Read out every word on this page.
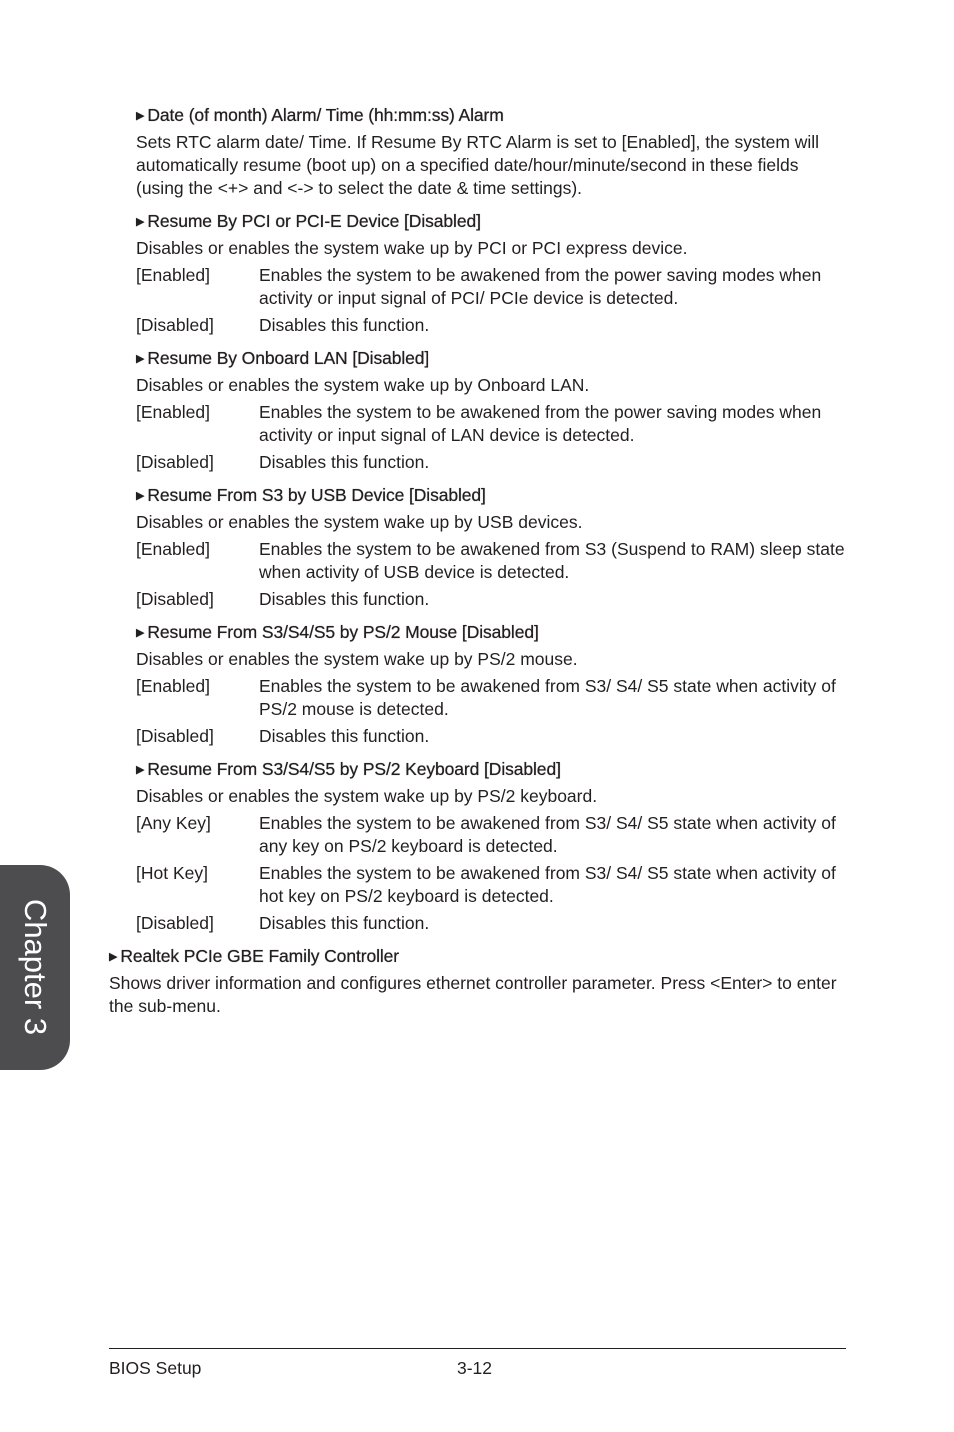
▶ Date (of month) Alarm/ Time (hh:mm:ss) Alarm
Sets RTC alarm date/ Time. If Resume By RTC Alarm is set to [Enabled], the system will automatically resume (boot up) on a specified date/hour/minute/second in these fields (using the <+> and <-> to select the date & time settings).
▶ Resume By PCI or PCI-E Device [Disabled]
Disables or enables the system wake up by PCI or PCI express device.
[Enabled]	Enables the system to be awakened from the power saving modes when activity or input signal of PCI/ PCIe device is detected.
[Disabled]	Disables this function.
▶ Resume By Onboard LAN [Disabled]
Disables or enables the system wake up by Onboard LAN.
[Enabled]	Enables the system to be awakened from the power saving modes when activity or input signal of LAN device is detected.
[Disabled]	Disables this function.
▶ Resume From S3 by USB Device [Disabled]
Disables or enables the system wake up by USB devices.
[Enabled]	Enables the system to be awakened from S3 (Suspend to RAM) sleep state when activity of USB device is detected.
[Disabled]	Disables this function.
▶ Resume From S3/S4/S5 by PS/2 Mouse [Disabled]
Disables or enables the system wake up by PS/2 mouse.
[Enabled]	Enables the system to be awakened from S3/ S4/ S5 state when activity of PS/2 mouse is detected.
[Disabled]	Disables this function.
▶ Resume From S3/S4/S5 by PS/2 Keyboard [Disabled]
Disables or enables the system wake up by PS/2 keyboard.
[Any Key]	Enables the system to be awakened from S3/ S4/ S5 state when activity of any key on PS/2 keyboard is detected.
[Hot Key]	Enables the system to be awakened from S3/ S4/ S5 state when activity of hot key on PS/2 keyboard is detected.
[Disabled]	Disables this function.
▶ Realtek PCIe GBE Family Controller
Shows driver information and configures ethernet controller parameter. Press <Enter> to enter the sub-menu.
Chapter 3
BIOS Setup	3-12
